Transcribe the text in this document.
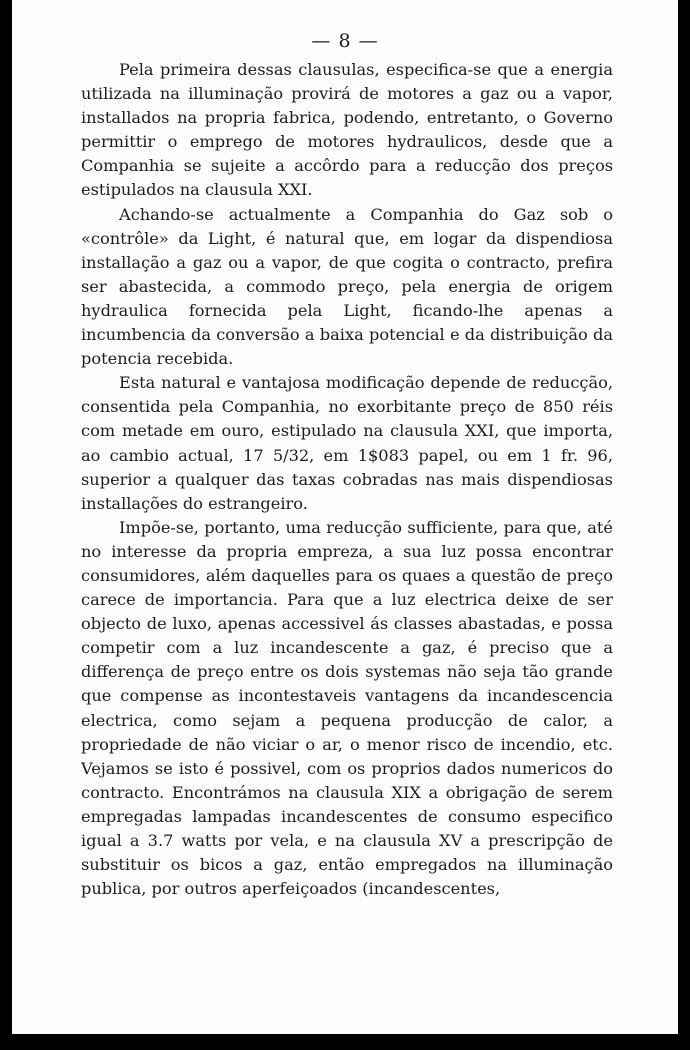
— 8 —

Pela primeira dessas clausulas, especifica-se que a energia utilizada na illuminação provirá de motores a gaz ou a vapor, installados na propria fabrica, podendo, entretanto, o Governo permittir o emprego de motores hydraulicos, desde que a Companhia se sujeite a accôrdo para a reducção dos preços estipulados na clausula XXI.

Achando-se actualmente a Companhia do Gaz sob o «contrôle» da Light, é natural que, em logar da dispendiosa installação a gaz ou a vapor, de que cogita o contracto, prefira ser abastecida, a commodo preço, pela energia de origem hydraulica fornecida pela Light, ficando-lhe apenas a incumbencia da conversão a baixa potencial e da distribuição da potencia recebida.

Esta natural e vantajosa modificação depende de reducção, consentida pela Companhia, no exorbitante preço de 850 réis com metade em ouro, estipulado na clausula XXI, que importa, ao cambio actual, 17 5/32, em 1$083 papel, ou em 1 fr. 96, superior a qualquer das taxas cobradas nas mais dispendiosas installações do estrangeiro.

Impõe-se, portanto, uma reducção sufficiente, para que, até no interesse da propria empreza, a sua luz possa encontrar consumidores, além daquelles para os quaes a questão de preço carece de importancia. Para que a luz electrica deixe de ser objecto de luxo, apenas accessivel ás classes abastadas, e possa competir com a luz incandescente a gaz, é preciso que a differença de preço entre os dois systemas não seja tão grande que compense as incontestaveis vantagens da incandescencia electrica, como sejam a pequena producção de calor, a propriedade de não viciar o ar, o menor risco de incendio, etc. Vejamos se isto é possivel, com os proprios dados numericos do contracto. Encontrámos na clausula XIX a obrigação de serem empregadas lampadas incandescentes de consumo especifico igual a 3.7 watts por vela, e na clausula XV a prescripção de substituir os bicos a gaz, então empregados na illuminação publica, por outros aperfeiçoados (incandescentes,
